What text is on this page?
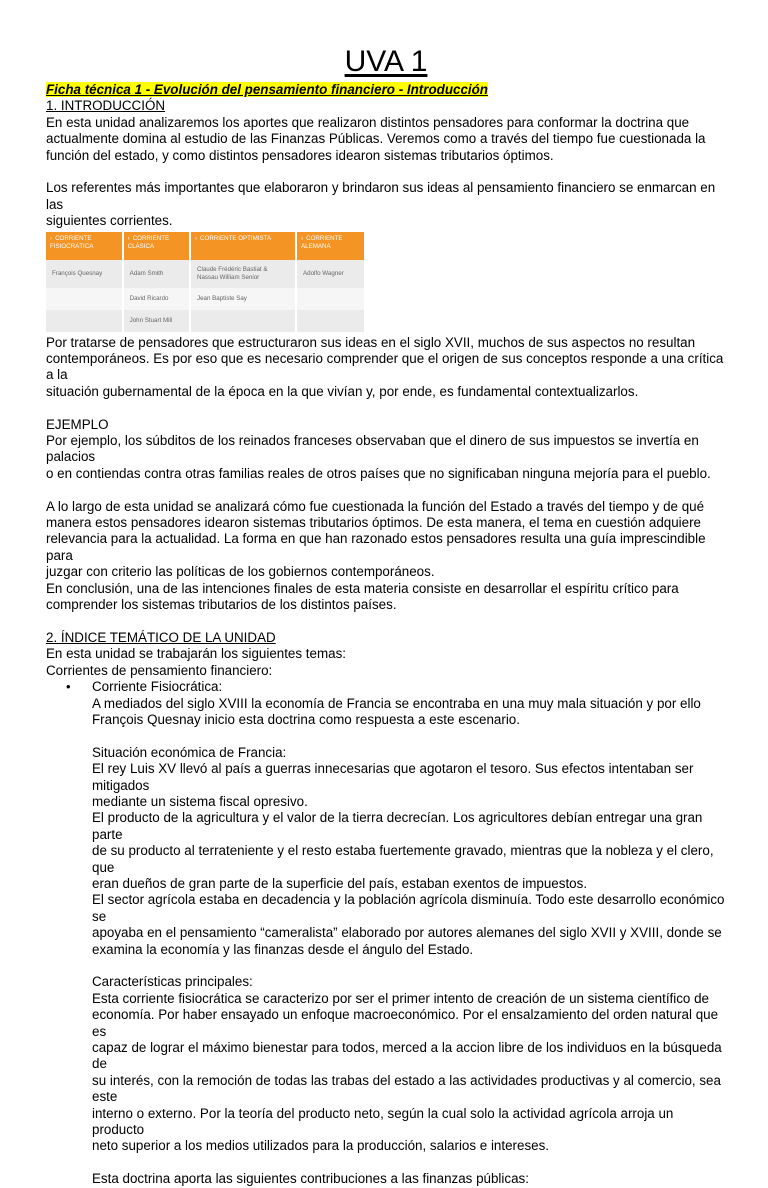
UVA 1

Ficha técnica 1 - Evolución del pensamiento financiero - Introducción

1. INTRODUCCIÓN

En esta unidad analizaremos los aportes que realizaron distintos pensadores para conformar la doctrina que

actualmente domina al estudio de las Finanzas Públicas. Veremos como a través del tiempo fue cuestionada la

función del estado, y como distintos pensadores idearon sistemas tributarios óptimos.

Los referentes más importantes que elaboraron y brindaron sus ideas al pensamiento financiero se enmarcan en las

siguientes corrientes.

› CORRIENTE FISIOCRÁTICA	› CORRIENTE CLÁSICA	› CORRIENTE OPTIMISTA	› CORRIENTE ALEMANA
François Quesnay	Adam Smith	Claude Frédéric Bastiat & Nassau William Senior	Adolfo Wagner
	David Ricardo	Jean Baptiste Say	
	John Stuart Mill		

Por tratarse de pensadores que estructuraron sus ideas en el siglo XVII, muchos de sus aspectos no resultan

contemporáneos. Es por eso que es necesario comprender que el origen de sus conceptos responde a una crítica a la

situación gubernamental de la época en la que vivían y, por ende, es fundamental contextualizarlos.

EJEMPLO

Por ejemplo, los súbditos de los reinados franceses observaban que el dinero de sus impuestos se invertía en palacios

o en contiendas contra otras familias reales de otros países que no significaban ninguna mejoría para el pueblo.

A lo largo de esta unidad se analizará cómo fue cuestionada la función del Estado a través del tiempo y de qué

manera estos pensadores idearon sistemas tributarios óptimos. De esta manera, el tema en cuestión adquiere

relevancia para la actualidad. La forma en que han razonado estos pensadores resulta una guía imprescindible para

juzgar con criterio las políticas de los gobiernos contemporáneos.

En conclusión, una de las intenciones finales de esta materia consiste en desarrollar el espíritu crítico para

comprender los sistemas tributarios de los distintos países.

2. ÍNDICE TEMÁTICO DE LA UNIDAD

En esta unidad se trabajarán los siguientes temas:

Corrientes de pensamiento financiero:

•	Corriente Fisiocrática:

A mediados del siglo XVIII la economía de Francia se encontraba en una muy mala situación y por ello

François Quesnay inicio esta doctrina como respuesta a este escenario.

Situación económica de Francia:

El rey Luis XV llevó al país a guerras innecesarias que agotaron el tesoro. Sus efectos intentaban ser mitigados

mediante un sistema fiscal opresivo.

El producto de la agricultura y el valor de la tierra decrecían. Los agricultores debían entregar una gran parte

de su producto al terrateniente y el resto estaba fuertemente gravado, mientras que la nobleza y el clero, que

eran dueños de gran parte de la superficie del país, estaban exentos de impuestos.

El sector agrícola estaba en decadencia y la población agrícola disminuía. Todo este desarrollo económico se

apoyaba en el pensamiento “cameralista” elaborado por autores alemanes del siglo XVII y XVIII, donde se

examina la economía y las finanzas desde el ángulo del Estado.

Características principales:

Esta corriente fisiocrática se caracterizo por ser el primer intento de creación de un sistema científico de

economía. Por haber ensayado un enfoque macroeconómico. Por el ensalzamiento del orden natural que es

capaz de lograr el máximo bienestar para todos, merced a la accion libre de los individuos en la búsqueda de

su interés, con la remoción de todas las trabas del estado a las actividades productivas y al comercio, sea este

interno o externo. Por la teoría del producto neto, según la cual solo la actividad agrícola arroja un producto

neto superior a los medios utilizados para la producción, salarios e intereses.

Esta doctrina aporta las siguientes contribuciones a las finanzas públicas:
